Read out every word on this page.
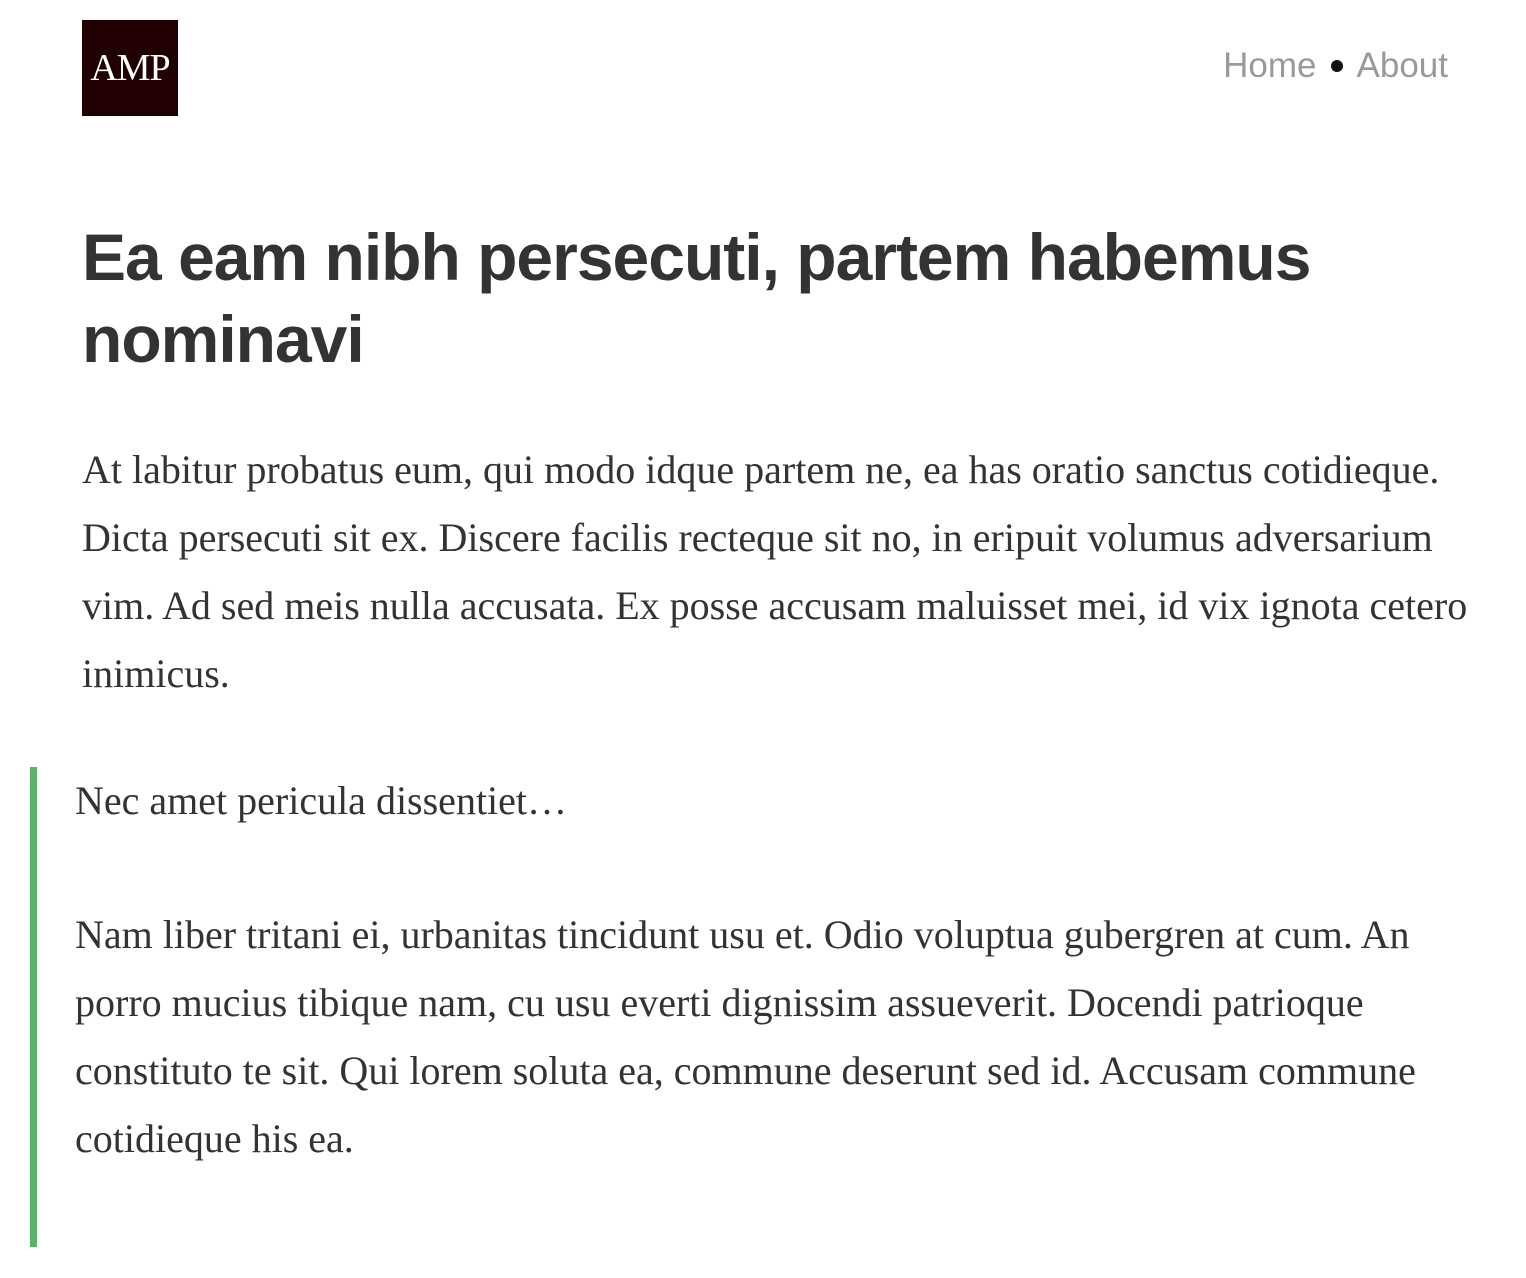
AMP	Home About
Ea eam nibh persecuti, partem habemus nominavi

At labitur probatus eum, qui modo idque partem ne, ea has oratio sanctus cotidieque. Dicta persecuti sit ex. Discere facilis recteque sit no, in eripuit volumus adversarium vim. Ad sed meis nulla accusata. Ex posse accusam maluisset mei, id vix ignota cetero inimicus.

Nec amet pericula dissentiet…

Nam liber tritani ei, urbanitas tincidunt usu et. Odio voluptua gubergren at cum. An porro mucius tibique nam, cu usu everti dignissim assueverit. Docendi patrioque constituto te sit. Qui lorem soluta ea, commune deserunt sed id. Accusam commune cotidieque his ea.
